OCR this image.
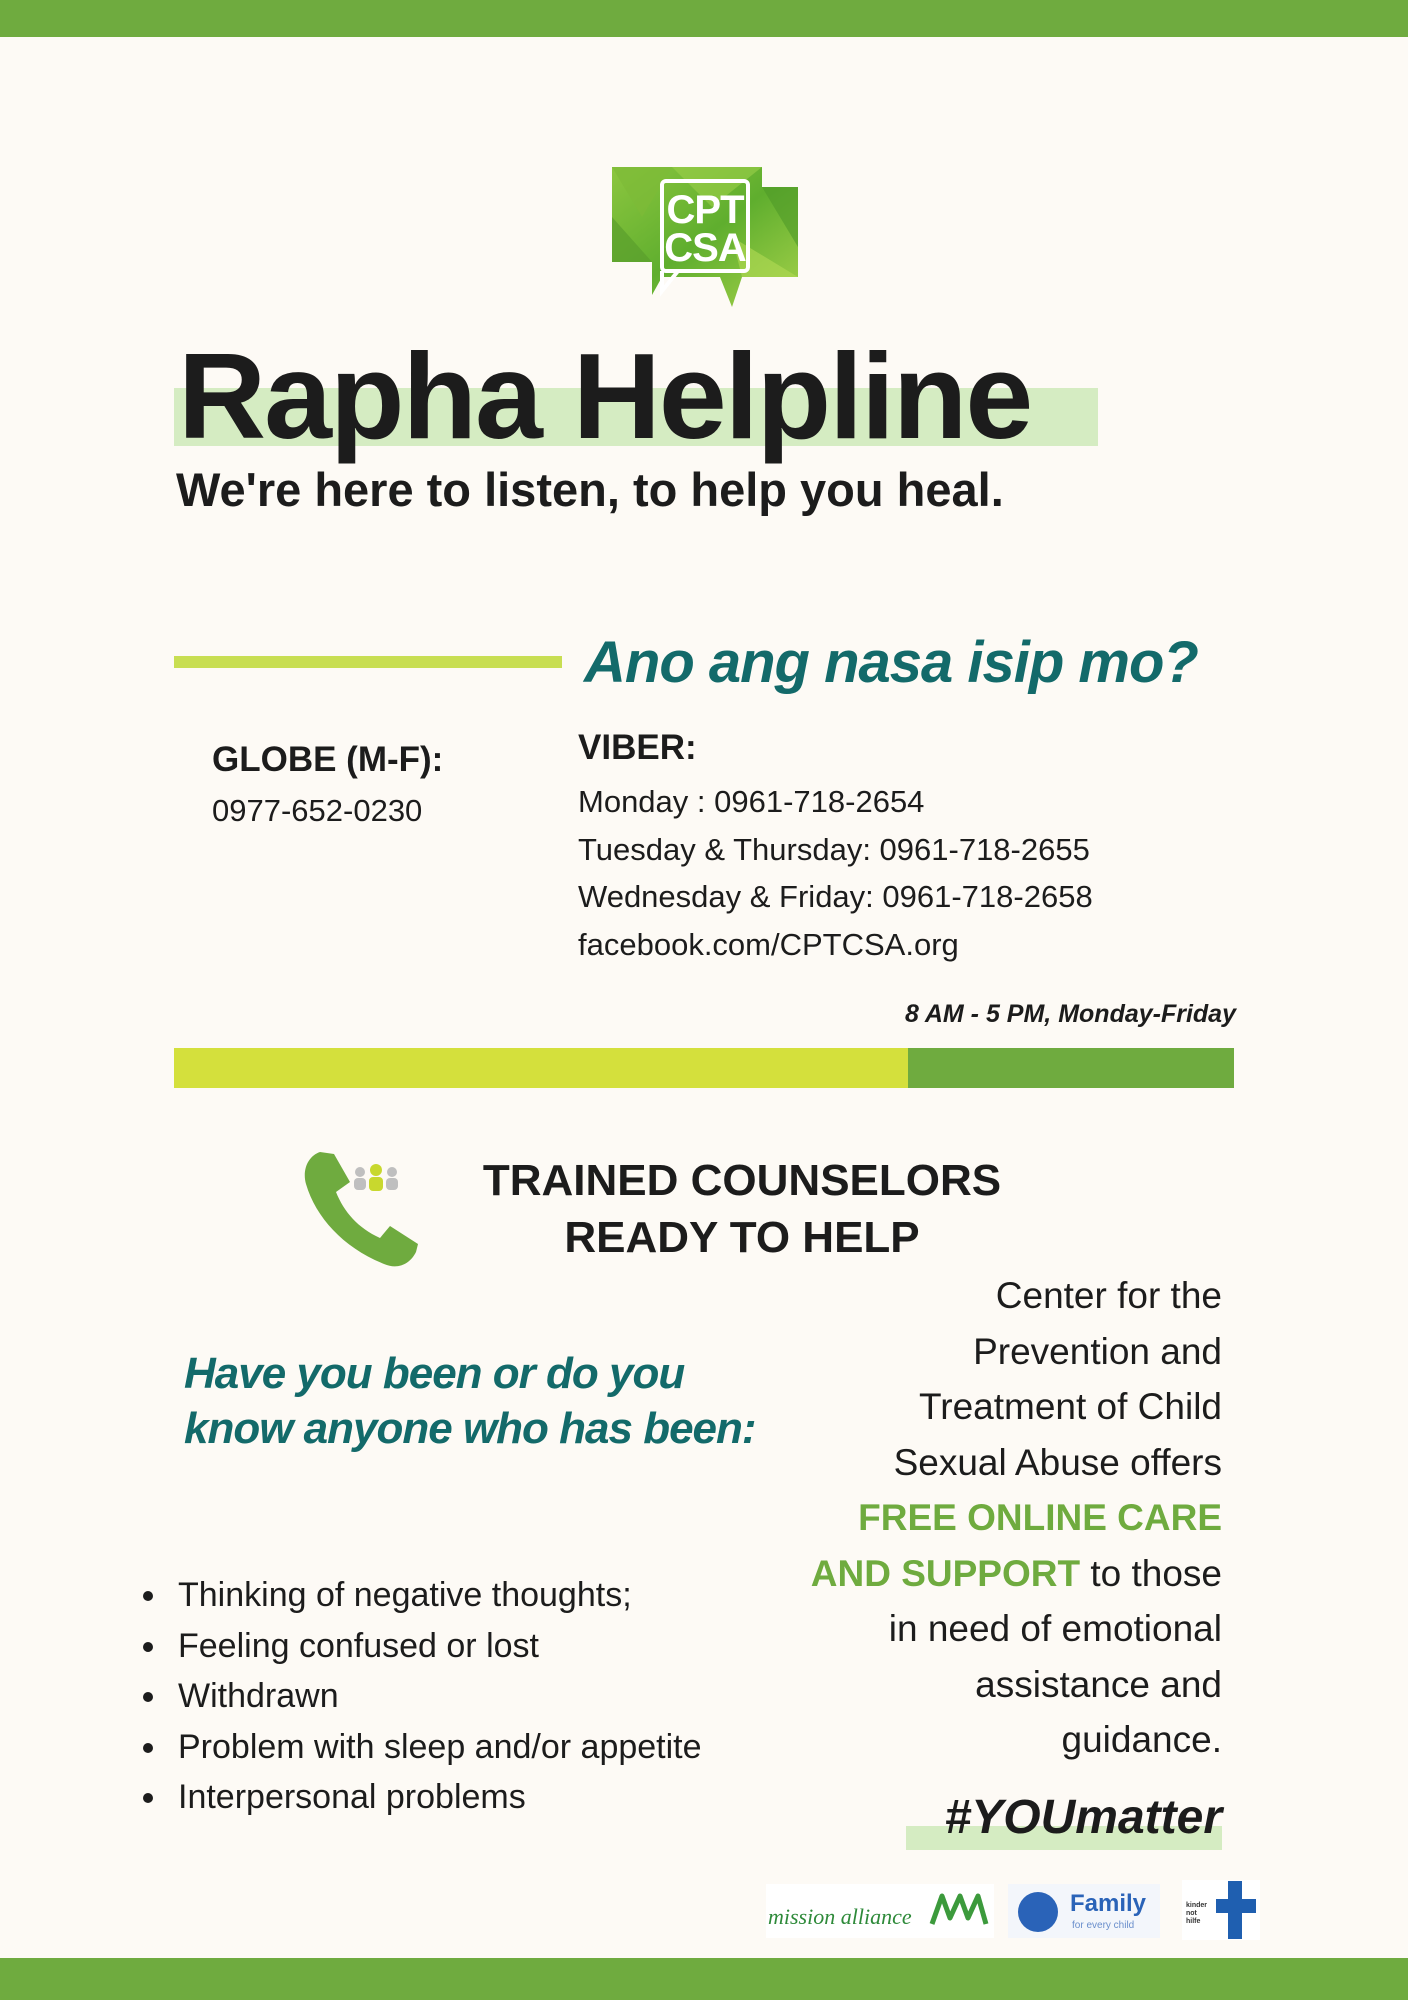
CPT
CSA
Rapha Helpline
We're here to listen, to help you heal.
Ano ang nasa isip mo?
GLOBE (M-F):
0977-652-0230
VIBER:
Monday : 0961-718-2654
Tuesday & Thursday: 0961-718-2655
Wednesday & Friday: 0961-718-2658
facebook.com/CPTCSA.org
8 AM - 5 PM, Monday-Friday
TRAINED COUNSELORS
READY TO HELP
Have you been or do you know anyone who has been:
• Thinking of negative thoughts;
• Feeling confused or lost
• Withdrawn
• Problem with sleep and/or appetite
• Interpersonal problems
Center for the
Prevention and
Treatment of Child
Sexual Abuse offers
FREE ONLINE CARE
AND SUPPORT to those
in need of emotional
assistance and
guidance.
#YOUmatter
mission alliance	Family
for every child
kinder
not
hilfe
